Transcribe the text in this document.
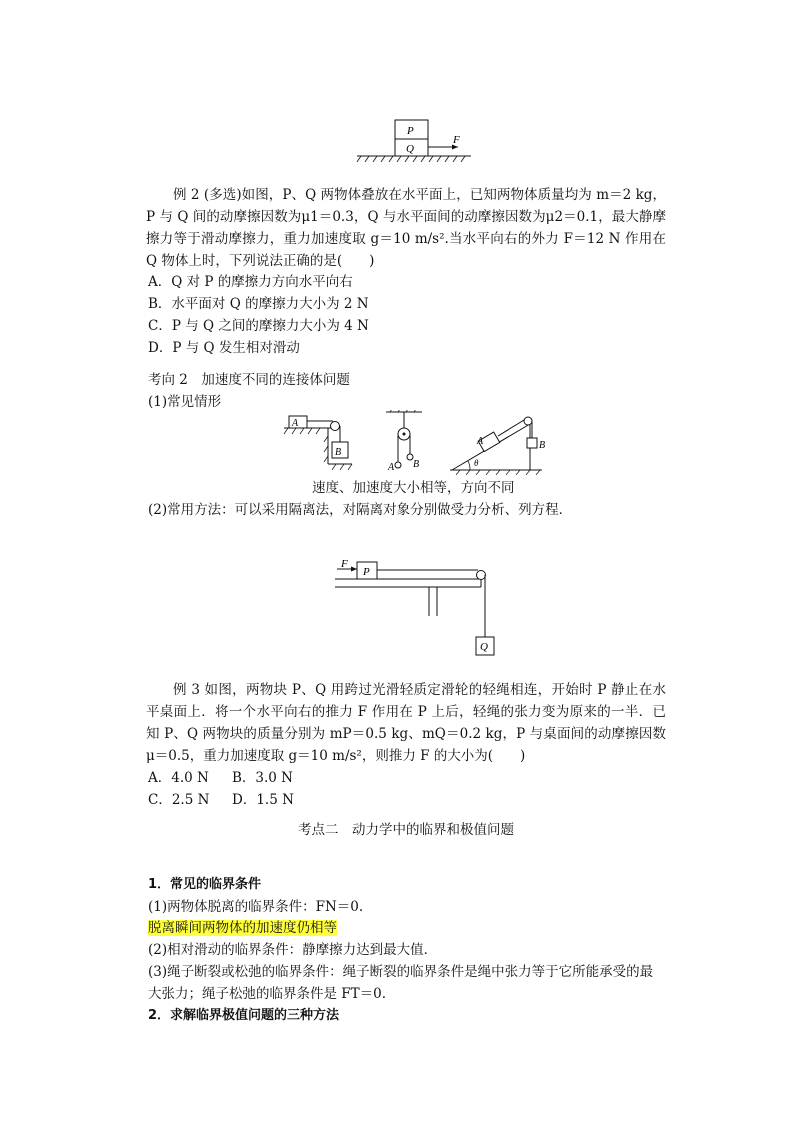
P
Q
F

例 2 (多选)如图，P、Q 两物体叠放在水平面上，已知两物体质量均为 m＝2 kg，P 与 Q 间的动摩擦因数为μ1＝0.3，Q 与水平面间的动摩擦因数为μ2＝0.1，最大静摩擦力等于滑动摩擦力，重力加速度取 g＝10 m/s².当水平向右的外力 F＝12 N 作用在 Q 物体上时，下列说法正确的是(　　)

A．Q 对 P 的摩擦力方向水平向右
B．水平面对 Q 的摩擦力大小为 2 N
C．P 与 Q 之间的摩擦力大小为 4 N
D．P 与 Q 发生相对滑动
考向 2　加速度不同的连接体问题
(1)常见情形
A
B
A B
A	B
θ
速度、加速度大小相等，方向不同
(2)常用方法：可以采用隔离法，对隔离对象分别做受力分析、列方程．
F
P
Q

例 3 如图，两物块 P、Q 用跨过光滑轻质定滑轮的轻绳相连，开始时 P 静止在水平桌面上．将一个水平向右的推力 F 作用在 P 上后，轻绳的张力变为原来的一半．已知 P、Q 两物块的质量分别为 mP＝0.5 kg、mQ＝0.2 kg，P 与桌面间的动摩擦因数μ＝0.5，重力加速度取 g＝10 m/s²，则推力 F 的大小为(　　)

A．4.0 N B．3.0 N
C．2.5 N D．1.5 N
考点二　动力学中的临界和极值问题
1．常见的临界条件
(1)两物体脱离的临界条件：FN＝0.
脱离瞬间两物体的加速度仍相等
(2)相对滑动的临界条件：静摩擦力达到最大值．
(3)绳子断裂或松弛的临界条件：绳子断裂的临界条件是绳中张力等于它所能承受的最
大张力；绳子松弛的临界条件是 FT＝0.
2．求解临界极值问题的三种方法
